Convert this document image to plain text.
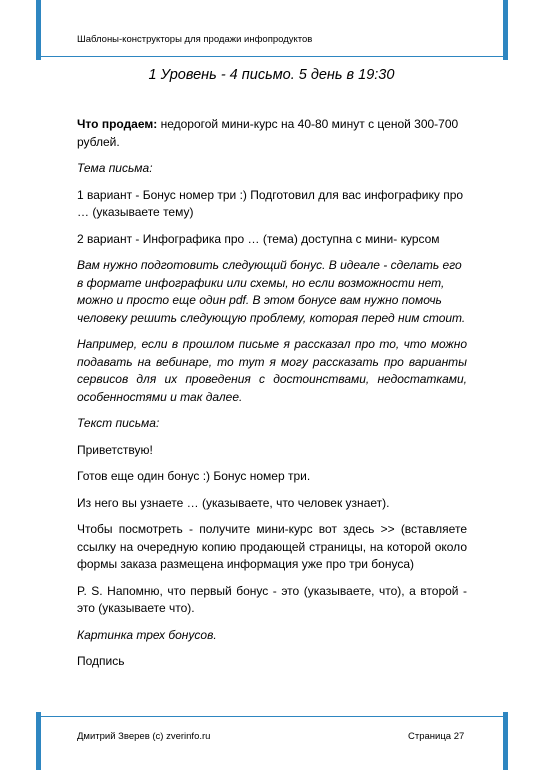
Шаблоны-конструкторы для продажи инфопродуктов
1 Уровень - 4 письмо. 5 день в 19:30

Что продаем: недорогой мини-курс на 40-80 минут с ценой 300-700 рублей.

Тема письма:

1 вариант - Бонус номер три :) Подготовил для вас инфографику про … (указываете тему)

2 вариант - Инфографика про … (тема) доступна с мини- курсом

Вам нужно подготовить следующий бонус. В идеале - сделать его в формате инфографики или схемы, но если возможности нет, можно и просто еще один pdf. В этом бонусе вам нужно помочь человеку решить следующую проблему, которая перед ним стоит.

Например, если в прошлом письме я рассказал про то, что можно подавать на вебинаре, то тут я могу рассказать про варианты сервисов для их проведения с достоинствами, недостатками, особенностями и так далее.

Текст письма:

Приветствую!

Готов еще один бонус :) Бонус номер три.

Из него вы узнаете … (указываете, что человек узнает).

Чтобы посмотреть - получите мини-курс вот здесь >> (вставляете ссылку на очередную копию продающей страницы, на которой около формы заказа размещена информация уже про три бонуса)

P. S. Напомню, что первый бонус - это (указываете, что), а второй - это (указываете что).

Картинка трех бонусов.

Подпись

Дмитрий Зверев (c) zverinfo.ru	Страница 27
